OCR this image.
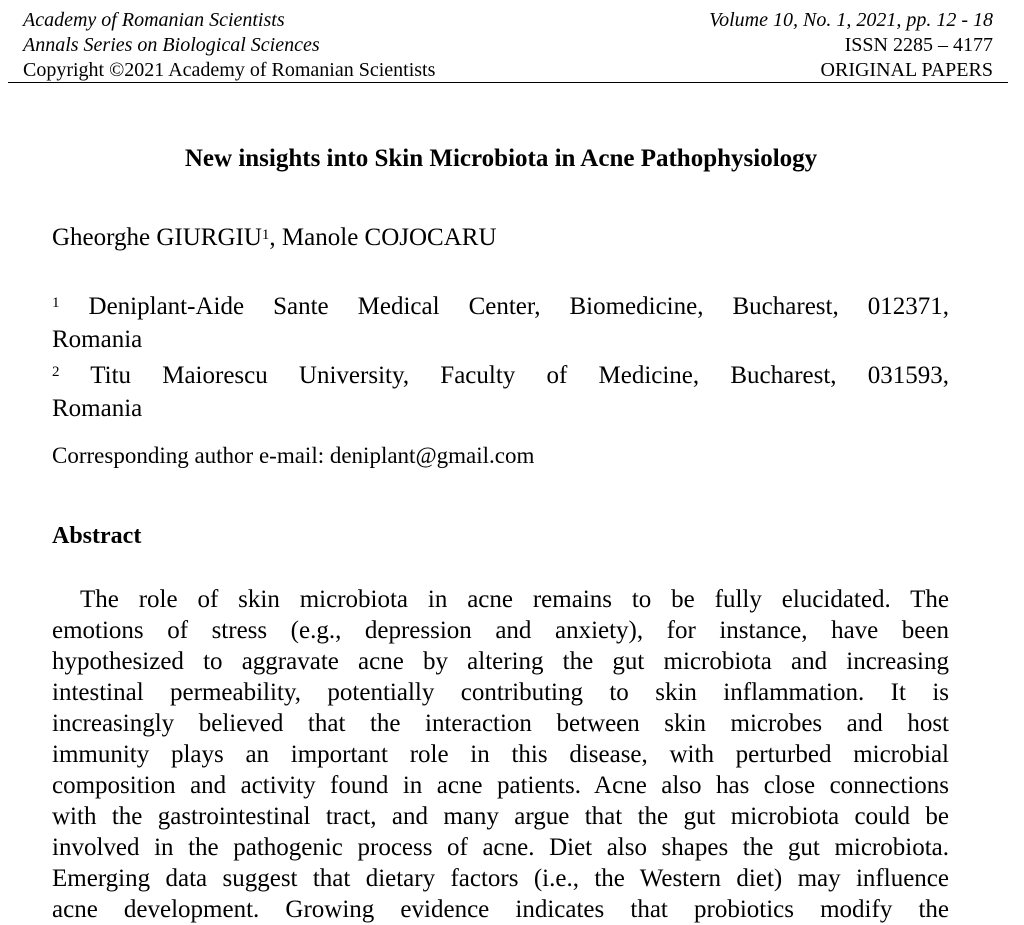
Academy of Romanian Scientists
Annals Series on Biological Sciences
Copyright ©2021 Academy of Romanian Scientists
Volume 10, No. 1, 2021, pp. 12 - 18
ISSN 2285 – 4177
ORIGINAL PAPERS
New insights into Skin Microbiota in Acne Pathophysiology
Gheorghe GIURGIU$^1$, Manole COJOCARU
$^1$ Deniplant-Aide Sante Medical Center, Biomedicine, Bucharest, 012371,
Romania
$^2$ Titu Maiorescu University, Faculty of Medicine, Bucharest, 031593,
Romania
Corresponding author e-mail: deniplant@gmail.com
Abstract
The role of skin microbiota in acne remains to be fully elucidated. The
emotions of stress (e.g., depression and anxiety), for instance, have been
hypothesized to aggravate acne by altering the gut microbiota and increasing
intestinal permeability, potentially contributing to skin inflammation. It is
increasingly believed that the interaction between skin microbes and host
immunity plays an important role in this disease, with perturbed microbial
composition and activity found in acne patients. Acne also has close connections
with the gastrointestinal tract, and many argue that the gut microbiota could be
involved in the pathogenic process of acne. Diet also shapes the gut microbiota.
Emerging data suggest that dietary factors (i.e., the Western diet) may influence
acne development. Growing evidence indicates that probiotics modify the
